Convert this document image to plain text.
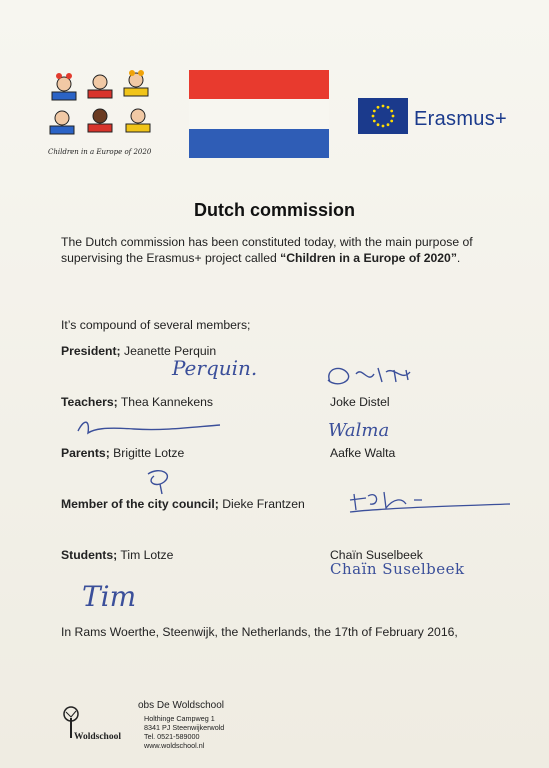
Children in a Europe of 2020
Erasmus+
Dutch commission
The Dutch commission has been constituted today, with the main purpose of supervising the Erasmus+ project called “Children in a Europe of 2020”.
It’s compound of several members;
President; Jeanette Perquin
Perquin.
Teachers; Thea Kannekens	Joke Distel
Walma
Parents; Brigitte Lotze	Aafke Walta
Member of the city council; Dieke Frantzen
Students; Tim Lotze	Chaïn Suselbeek
Chaïn Suselbeek
Tim
In Rams Woerthe, Steenwijk, the Netherlands, the 17th of February 2016,
Woldschool
obs De Woldschool
Holthinge Campweg 1
8341 PJ Steenwijkerwold
Tel. 0521-589000
www.woldschool.nl
